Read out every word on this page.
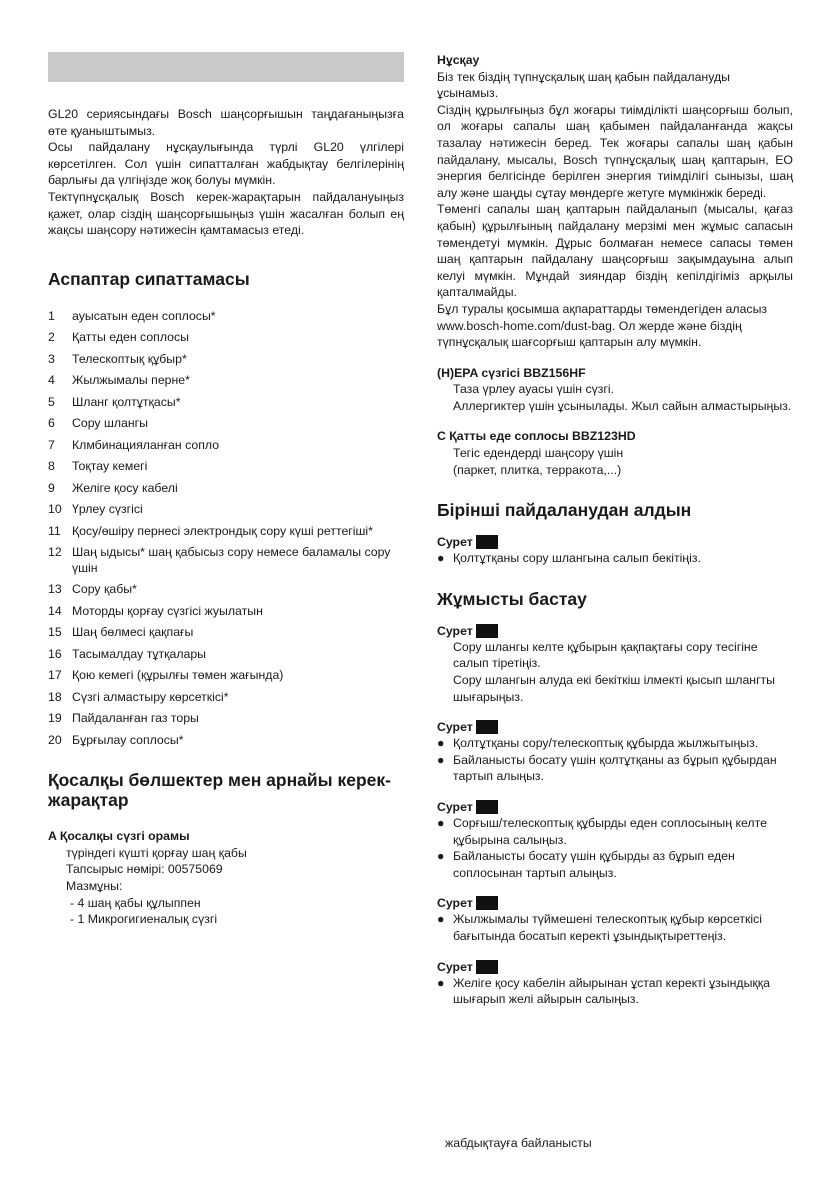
GL20 сериясындағы Bosch шаңсорғышын таңдағаныңызға өте қуаныштымыз.

Осы пайдалану нұсқаулығында түрлі GL20 үлгілері көрсетілген. Сол үшін сипатталған жабдықтау белгілерінің барлығы да үлгіңізде жоқ болуы мүмкін.

Тектүпнұсқалық Bosch керек-жарақтарын пайдалануыңыз қажет, олар сіздің шаңсорғышыңыз үшін жасалған болып ең жақсы шаңсору нәтижесін қамтамасыз етеді.

Аспаптар сипаттамасы
1	ауысатын еден соплосы*
2	Қатты еден соплосы
3	Телескоптық құбыр*
4	Жылжымалы перне*
5	Шланг қолтұтқасы*
6	Сору шлангы
7	Клмбинацияланған сопло
8	Тоқтау кемегі
9	Желіге қосу кабелі
10 Үрлеу сүзгісі
11 Қосу/өшіру пернесі электрондық сору күші реттегіші*
12 Шаң ыдысы* шаң қабысыз сору немесе баламалы сору үшін
13 Сору қабы*
14 Моторды қорғау сүзгісі жуылатын
15 Шаң бөлмесі қақпағы
16 Тасымалдау тұтқалары
17 Қою кемегі (құрылғы төмен жағында)
18 Сүзгі алмастыру көрсеткісі*
19 Пайдаланған газ торы
20 Бұрғылау соплосы*
Қосалқы бөлшектер мен арнайы керек-жарақтар

A Қосалқы сүзгі орамы

түріндегі күшті қорғау шаң қабы

Тапсырыс нөмірі: 00575069

Мазмұны:

- 4 шаң қабы құлыппен

- 1 Микрогигиеналық сүзгі

Нұсқау

Біз тек біздің түпнұсқалық шаң қабын пайдалануды ұсынамыз.

Сіздің құрылғыңыз бұл жоғары тиімділікті шаңсорғыш болып, ол жоғары сапалы шаң қабымен пайдаланғанда жақсы тазалау нәтижесін беред. Тек жоғары сапалы шаң қабын пайдалану, мысалы, Bosch түпнұсқалық шаң қаптарын, ЕО энергия белгісінде берілген энергия тиімділігі сынызы, шаң алу және шаңды сұтау мөндерге жетуге мүмкінжік береді.

Төменгі сапалы шаң қаптарын пайдаланып (мысалы, қағаз қабын) құрылғының пайдалану мерзімі мен жұмыс сапасын төмендетуі мүмкін. Дұрыс болмаған немесе сапасы төмен шаң қаптарын пайдалану шаңсорғыш зақымдауына алып келуі мүмкін. Мұндай зияндар біздің кепілдігіміз арқылы қапталмайды.

Бұл туралы қосымша ақпараттарды төмендегіден аласыз

www.bosch-home.com/dust-bag. Ол жерде және біздің түпнұсқалық шағсорғыш қаптарын алу мүмкін.

(H)EPA сүзгісі BBZ156HF

Таза үрлеу ауасы үшін сүзгі.

Аллергиктер үшін ұсынылады. Жыл сайын алмастырыңыз.

C Қатты еде соплосы BBZ123HD

Тегіс едендерді шаңсору үшін

(паркет, плитка, терракота,...)

Бірінші пайдаланудан алдын
Сурет
● Қолтұтқаны сору шлангына салып бекітіңіз.
Жұмысты бастау
Сурет

Сору шлангы келте құбырын қақпақтағы сору тесігіне салып тіретіңіз.

Сору шлангын алуда екі бекіткіш ілмекті қысып шлангты шығарыңыз.

Сурет
● Қолтұтқаны сору/телескоптық құбырда жылжытыңыз.
● Байланысты босату үшін қолтұтқаны аз бұрып құбырдан тартып алыңыз.
Сурет
● Сорғыш/телескоптық құбырды еден соплосының келте құбырына салыңыз.
● Байланысты босату үшін құбырды аз бұрып еден соплосынан тартып алыңыз.
Сурет
● Жылжымалы түймешені телескоптық құбыр көрсеткісі бағытында босатып керекті ұзындықтыреттеңіз.
Сурет
● Желіге қосу кабелін айырынан ұстап керекті ұзындыққа шығарып желі айырын салыңыз.
жабдықтауға байланысты
